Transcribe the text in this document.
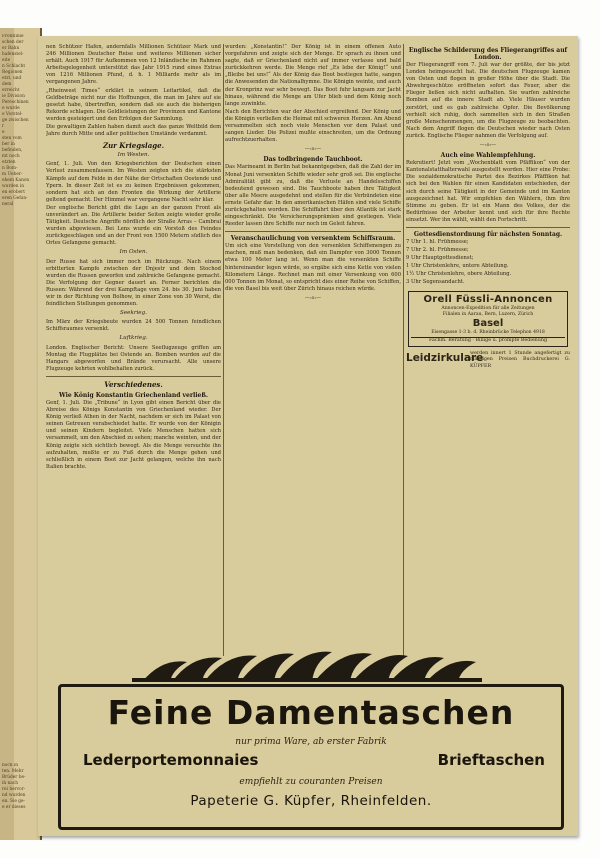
Frontlinie
schen der
er Bahn
hafenstel-
eite
n Schlacht
Regionen
etzt, und
dem
erreicht
ie Division
Pereschinen
e wurde
e Vorstel-
ge zwischen
r
e
sten vom
ber in
befinden,
mt noch
etzten
n Bom-
m Ueber-
ehem Kanon
wurden in
en erobert
eren Gefan-
neral
hoch in
ten. Mehr
Brüder be-
ih nach
rei hervor-
nd wurden
en. Sie ge-
e er dieses

nen Schützer Hafen, andernfalls Millionen Schützer Mark und 246 Millionen Deutscher Reise und weiteres Millionen sicher erhält. Auch 1917 für Aufkommen von 12 Inländische im Rahmen Arbeitsgelegenheit unterstützt das Jahr 1915 rund eines Extras von 1216 Millionen Pfund, d. h. 1 Milliarde mehr als im vergangenen Jahre.

„Rheinwest Times“ erklärt in seinem Leitartikel, daß die Geldbeträge nicht nur die Hoffnungen, die man im Jahre auf sie gesetzt habe, übertreffen, sondern daß sie auch die bisherigen Rekorde schlagen. Die Geldleistungen der Provinzen und Kantone werden gesteigert und den Erfolgen der Sammlung.

Die gewaltigen Zahlen haben damit auch das ganze Weltbild dem Jahre durch Mitte und aller politischen Umstände verdammt.

Zur Kriegslage.
Im Westen.

Genf, 1. Juli. Von den Kriegsberichten der Deutschen einen Verlust zusammenfassen. Im Westen zeigten sich die stärksten Kämpfe auf dem Felde in der Nähe der Ortschaften Oostende und Ypern. In dieser Zeit ist es zu keinen Ergebnissen gekommen, sondern hat sich an den Fronten die Wirkung der Artillerie geltend gemacht. Der Himmel war vergangene Nacht sehr klar.

Der englische Bericht gibt die Lage an der ganzen Front als unverändert an. Die Artillerie beider Seiten zeigte wieder große Tätigkeit. Deutsche Angriffe nördlich der Straße Arras – Cambrai wurden abgewiesen. Bei Lens wurde ein Vorstoß des Feindes zurückgeschlagen und an der Front von 1500 Metern südlich des Ortes Gefangene gemacht.

Im Osten.

Der Russe hat sich immer noch im Rückzuge. Nach einem erbitterten Kampfe zwischen der Dnjestr und dem Stochod wurden die Russen geworfen und zahlreiche Gefangene gemacht. Die Verfolgung der Gegner dauert an. Ferner berichten die Russen: Während der drei Kampftage vom 24. bis 30. Juni haben wir in der Richtung von Bolhow, in einer Zone von 30 Werst, die feindlichen Stellungen genommen.

Seekrieg.

Im März der Kriegsbeute wurden 24 500 Tonnen feindlichen Schiffsraumes versenkt.

Luftkrieg.

London. Englischer Bericht: Unsere Seeflugzeuge griffen am Montag die Flugplätze bei Ostende an. Bomben wurden auf die Hangars abgeworfen und Brände verursacht. Alle unsere Flugzeuge kehrten wohlbehalten zurück.

Verschiedenes.
Wie König Konstantin Griechenland verließ.

Genf, 1. Juli. Die „Tribune“ in Lyon gibt einen Bericht über die Abreise des Königs Konstantin von Griechenland wieder. Der König verließ Athen in der Nacht, nachdem er sich im Palast von seinen Getreuen verabschiedet hatte. Er wurde von der Königin und seinen Kindern begleitet. Viele Menschen hatten sich versammelt, um den Abschied zu sehen; manche weinten, und der König zeigte sich sichtlich bewegt. Als die Menge versuchte ihn aufzuhalten, mußte er zu Fuß durch die Menge gehen und schließlich in einem Boot zur Jacht gelangen, welche ihn nach Italien brachte.

wurden: „Konstantin!“ Der König ist in einem offenen Auto vorgefahren und zeigte sich der Menge. Er sprach zu ihnen und sagte, daß er Griechenland nicht auf immer verlasse und bald zurückkehren werde. Die Menge rief „Es lebe der König!“ und „Bleibe bei uns!“ Als der König das Boot bestiegen hatte, sangen die Anwesenden die Nationalhymne. Die Königin weinte, und auch der Kronprinz war sehr bewegt. Das Boot fuhr langsam zur Jacht hinaus, während die Menge am Ufer blieb und dem König noch lange zuwinkte.

Nach den Berichten war der Abschied ergreifend. Der König und die Königin verließen die Heimat mit schweren Herzen. Am Abend versammelten sich noch viele Menschen vor dem Palast und sangen Lieder. Die Polizei mußte einschreiten, um die Ordnung aufrechtzuerhalten.

—:o:—
Das todbringende Tauchboot.

Das Marineamt in Berlin hat bekanntgegeben, daß die Zahl der im Monat Juni versenkten Schiffe wieder sehr groß sei. Die englische Admiralität gibt zu, daß die Verluste an Handelsschiffen bedeutend gewesen sind. Die Tauchboote haben ihre Tätigkeit über alle Meere ausgedehnt und stellen für die Verbündeten eine ernste Gefahr dar. In den amerikanischen Häfen sind viele Schiffe zurückgehalten worden. Die Schiffahrt über den Atlantik ist stark eingeschränkt. Die Versicherungsprämien sind gestiegen. Viele Reeder lassen ihre Schiffe nur noch im Geleit fahren.

Veranschaulichung von versenktem Schiffsraum.

Um sich eine Vorstellung von den versenkten Schiffsmengen zu machen, muß man bedenken, daß ein Dampfer von 3000 Tonnen etwa 100 Meter lang ist. Wenn man die versenkten Schiffe hintereinander legen würde, so ergäbe sich eine Kette von vielen Kilometern Länge. Rechnet man mit einer Versenkung von 600 000 Tonnen im Monat, so entspricht dies einer Reihe von Schiffen, die von Basel bis weit über Zürich hinaus reichen würde.

—:o:—
Englische Schilderung des Fliegerangriffes auf London.

Der Fliegerangriff vom 7. Juli war der größte, der bis jetzt Londen heimgesucht hat. Die deutschen Flugzeuge kamen von Osten und flogen in großer Höhe über die Stadt. Die Abwehrgeschütze eröffneten sofort das Feuer, aber die Flieger ließen sich nicht aufhalten. Sie warfen zahlreiche Bomben auf die innere Stadt ab. Viele Häuser wurden zerstört, und es gab zahlreiche Opfer. Die Bevölkerung verhielt sich ruhig, doch sammelten sich in den Straßen große Menschenmengen, um die Flugzeuge zu beobachten. Nach dem Angriff flogen die Deutschen wieder nach Osten zurück. Englische Flieger nahmen die Verfolgung auf.

—:o:—
Auch eine Wahlempfehlung.

Rekrutiert! Jetzt vom „Wochenblatt vom Pfäffikon“ von der Kantonalstatthalterwahl ausgestellt worden. Hier eine Probe: Die sozialdemokratische Partei des Bezirkes Pfäffikon hat sich bei den Wahlen für einen Kandidaten entschieden, der sich durch seine Tätigkeit in der Gemeinde und im Kanton ausgezeichnet hat. Wir empfehlen den Wählern, ihm ihre Stimme zu geben. Er ist ein Mann des Volkes, der die Bedürfnisse der Arbeiter kennt und sich für ihre Rechte einsetzt. Wer ihn wählt, wählt den Fortschritt.

Gottesdienstordnung für nächsten Sonntag.

7 Uhr 1. hl. Frühmesse;

7 Uhr 2. hl. Frühmesse;

9 Uhr Hauptgottesdienst;

1 Uhr Christenlehre, untere Abteilung.

1½ Uhr Christenlehre, obere Abteilung.

3 Uhr Segensandacht.

Orell Füssli-Annoncen
Annoncen-Expedition für alle Zeitungen
Filialen in Aarau, Bern, Luzern, Zürich
Basel
Eisengasse 1-3 b. d. Rheinbrücke Telephon 4918
Fachm. Beratung · Billige u. prompte Bedienung
Leidzirkulare
werden innert 1 Stunde angefertigt zu mässigen Preisen Buchdruckerei G. KÜPFER
Feine Damentaschen
nur prima Ware, ab erster Fabrik
Lederportemonnaies	Brieftaschen
empfiehlt zu couranten Preisen
Papeterie G. Küpfer, Rheinfelden.
